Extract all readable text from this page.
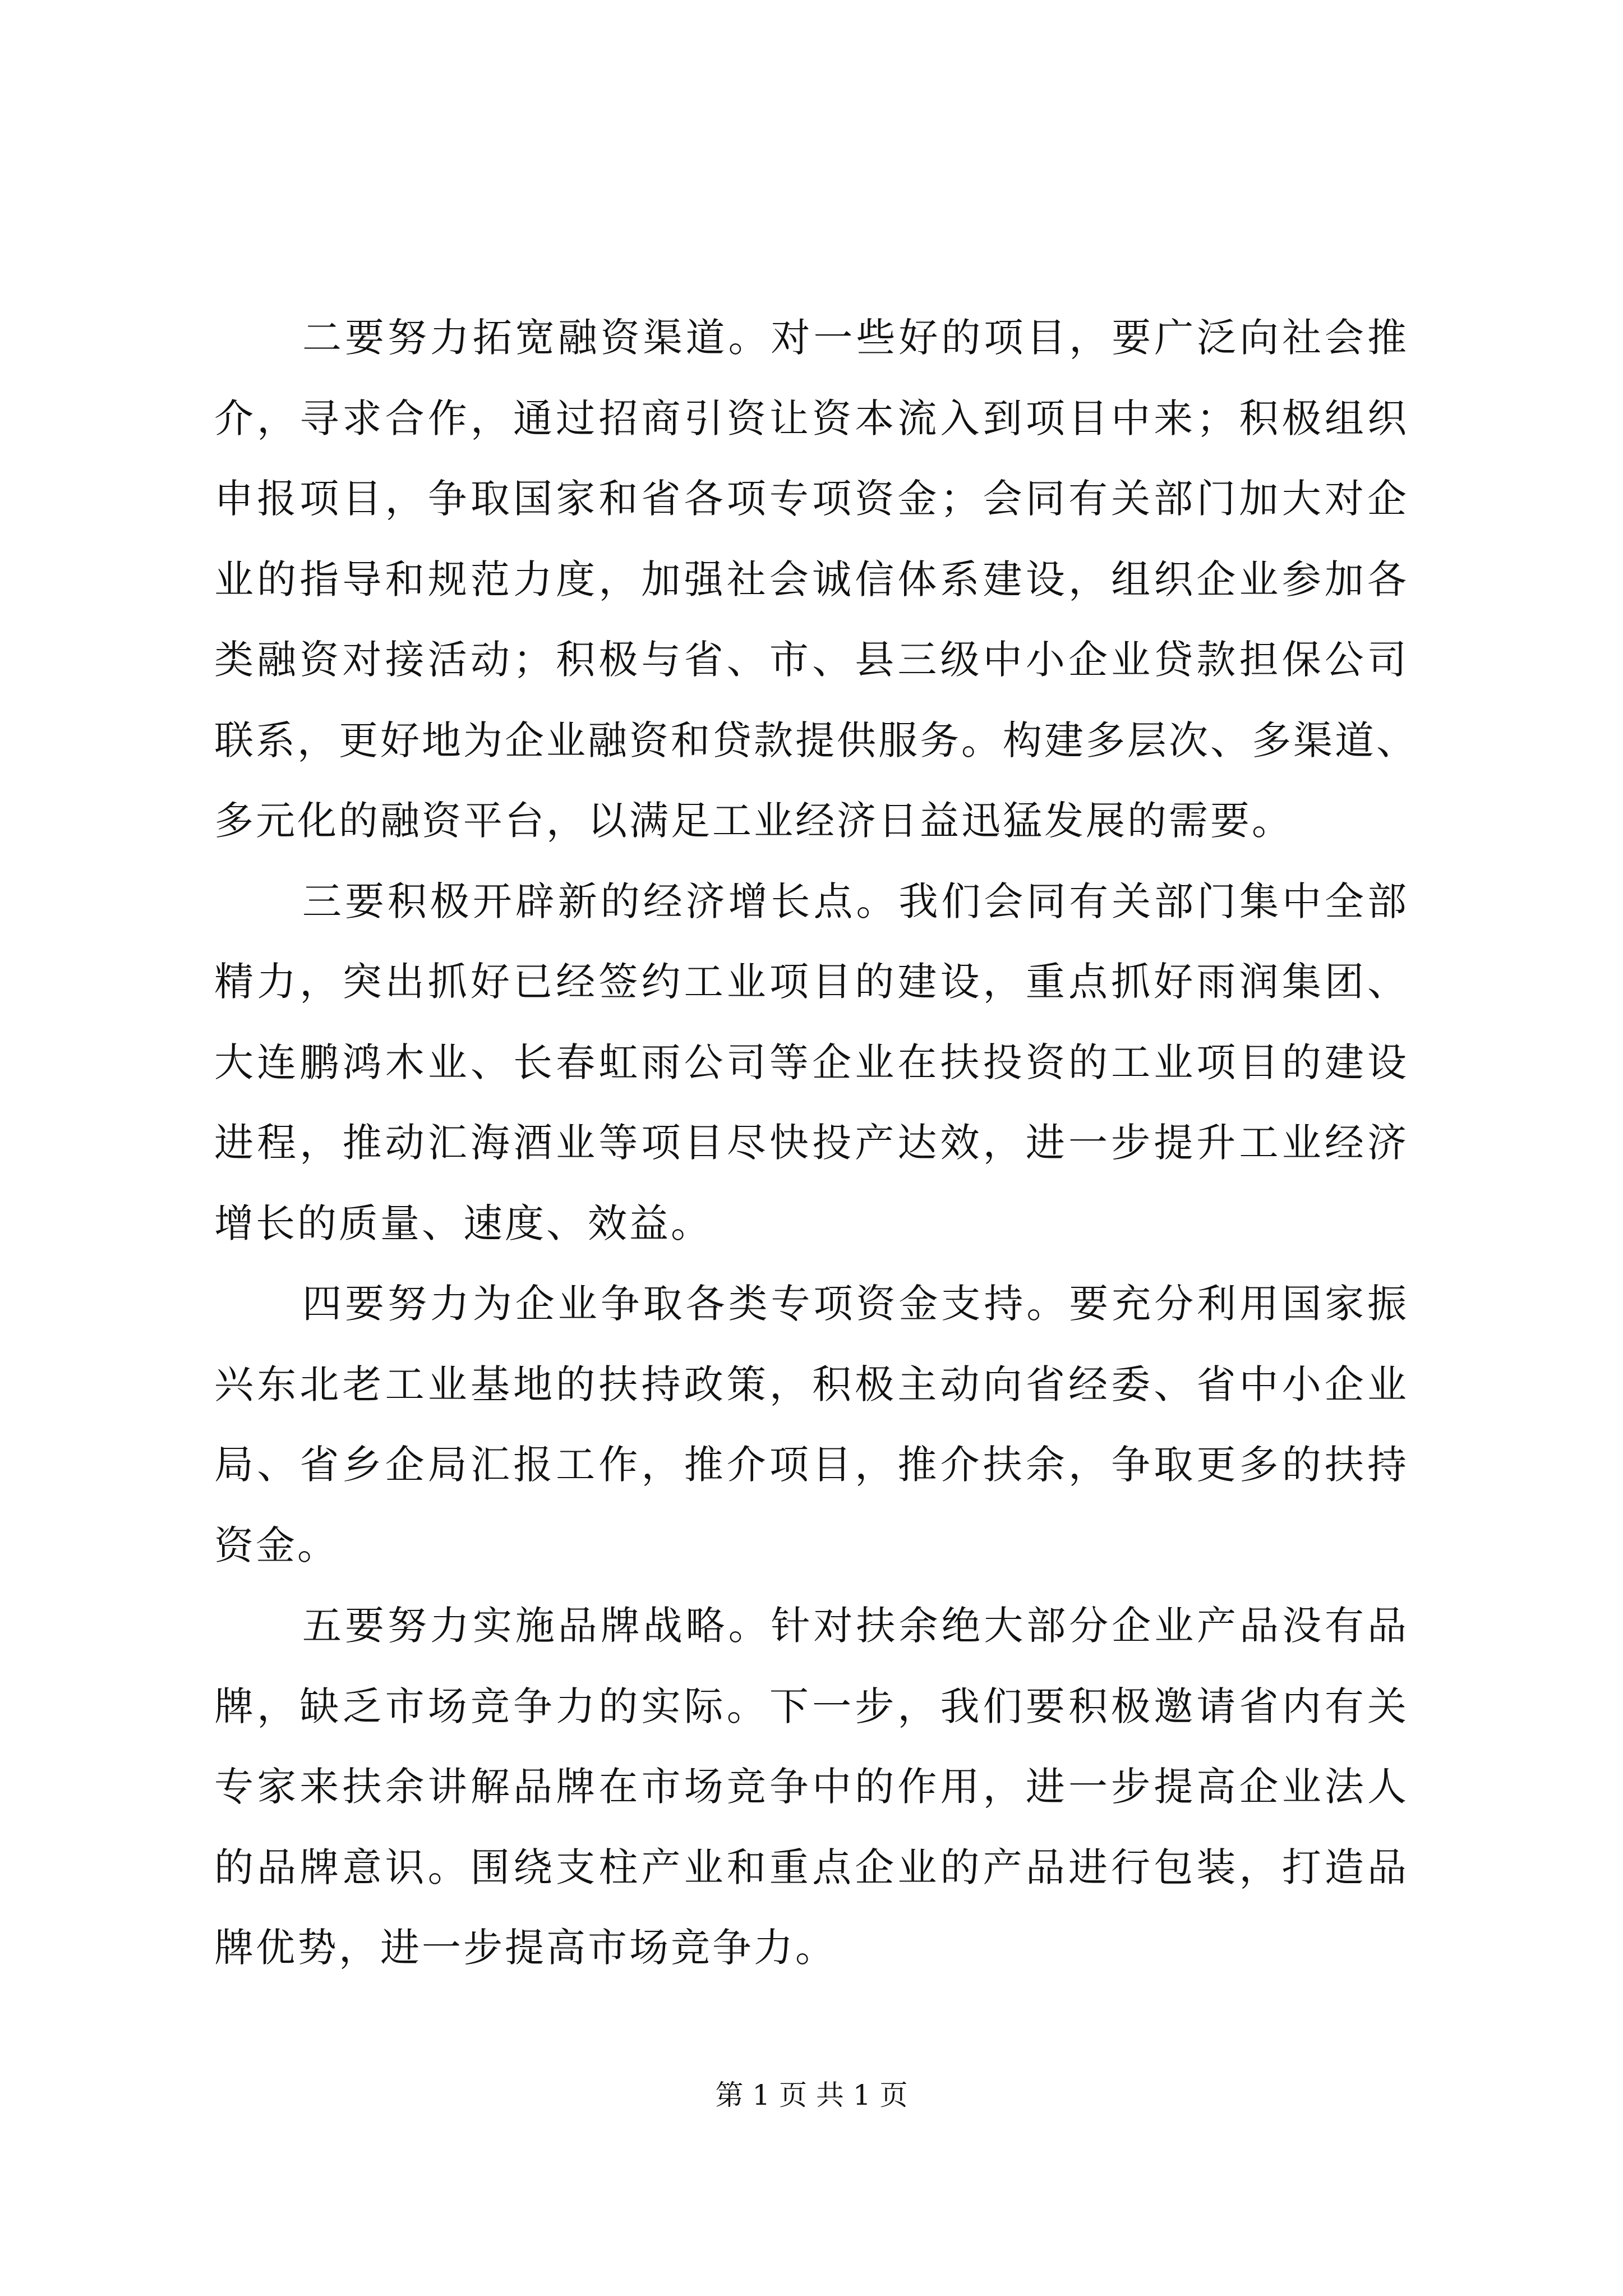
二要努力拓宽融资渠道。对一些好的项目，要广泛向社会推
介，寻求合作，通过招商引资让资本流入到项目中来；积极组织
申报项目，争取国家和省各项专项资金；会同有关部门加大对企
业的指导和规范力度，加强社会诚信体系建设，组织企业参加各
类融资对接活动；积极与省、市、县三级中小企业贷款担保公司
联系，更好地为企业融资和贷款提供服务。构建多层次、多渠道、
多元化的融资平台，以满足工业经济日益迅猛发展的需要。
三要积极开辟新的经济增长点。我们会同有关部门集中全部
精力，突出抓好已经签约工业项目的建设，重点抓好雨润集团、
大连鹏鸿木业、长春虹雨公司等企业在扶投资的工业项目的建设
进程，推动汇海酒业等项目尽快投产达效，进一步提升工业经济
增长的质量、速度、效益。
四要努力为企业争取各类专项资金支持。要充分利用国家振
兴东北老工业基地的扶持政策，积极主动向省经委、省中小企业
局、省乡企局汇报工作，推介项目，推介扶余，争取更多的扶持
资金。
五要努力实施品牌战略。针对扶余绝大部分企业产品没有品
牌，缺乏市场竞争力的实际。下一步，我们要积极邀请省内有关
专家来扶余讲解品牌在市场竞争中的作用，进一步提高企业法人
的品牌意识。围绕支柱产业和重点企业的产品进行包装，打造品
牌优势，进一步提高市场竞争力。
第 1 页 共 1 页
